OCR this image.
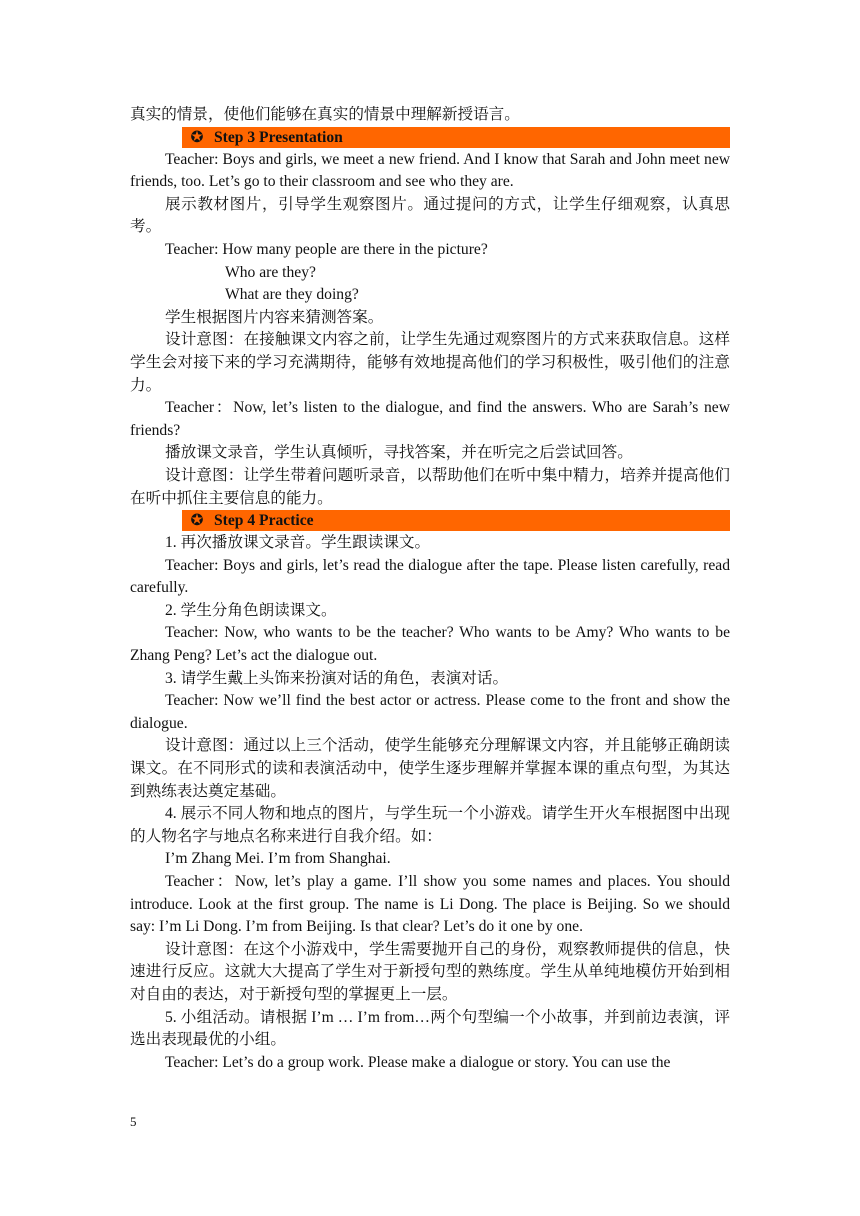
真实的情景，使他们能够在真实的情景中理解新授语言。

✪ Step 3 Presentation

Teacher: Boys and girls, we meet a new friend. And I know that Sarah and John meet new friends, too. Let’s go to their classroom and see who they are.

展示教材图片，引导学生观察图片。通过提问的方式，让学生仔细观察，认真思考。

Teacher: How many people are there in the picture?

Who are they?

What are they doing?

学生根据图片内容来猜测答案。

设计意图：在接触课文内容之前，让学生先通过观察图片的方式来获取信息。这样学生会对接下来的学习充满期待，能够有效地提高他们的学习积极性，吸引他们的注意力。

Teacher：Now, let’s listen to the dialogue, and find the answers. Who are Sarah’s new friends?

播放课文录音，学生认真倾听，寻找答案，并在听完之后尝试回答。

设计意图：让学生带着问题听录音，以帮助他们在听中集中精力，培养并提高他们在听中抓住主要信息的能力。

✪ Step 4 Practice

1. 再次播放课文录音。学生跟读课文。

Teacher: Boys and girls, let’s read the dialogue after the tape. Please listen carefully, read carefully.

2. 学生分角色朗读课文。

Teacher: Now, who wants to be the teacher? Who wants to be Amy? Who wants to be Zhang Peng? Let’s act the dialogue out.

3. 请学生戴上头饰来扮演对话的角色，表演对话。

Teacher: Now we’ll find the best actor or actress. Please come to the front and show the dialogue.

设计意图：通过以上三个活动，使学生能够充分理解课文内容，并且能够正确朗读课文。在不同形式的读和表演活动中，使学生逐步理解并掌握本课的重点句型，为其达到熟练表达奠定基础。

4. 展示不同人物和地点的图片，与学生玩一个小游戏。请学生开火车根据图中出现的人物名字与地点名称来进行自我介绍。如：

I’m Zhang Mei. I’m from Shanghai.

Teacher：Now, let’s play a game. I’ll show you some names and places. You should introduce. Look at the first group. The name is Li Dong. The place is Beijing. So we should say: I’m Li Dong. I’m from Beijing. Is that clear? Let’s do it one by one.

设计意图：在这个小游戏中，学生需要抛开自己的身份，观察教师提供的信息，快速进行反应。这就大大提高了学生对于新授句型的熟练度。学生从单纯地模仿开始到相对自由的表达，对于新授句型的掌握更上一层。

5. 小组活动。请根据 I’m … I’m from…两个句型编一个小故事，并到前边表演，评选出表现最优的小组。

Teacher: Let’s do a group work. Please make a dialogue or story. You can use the

5
